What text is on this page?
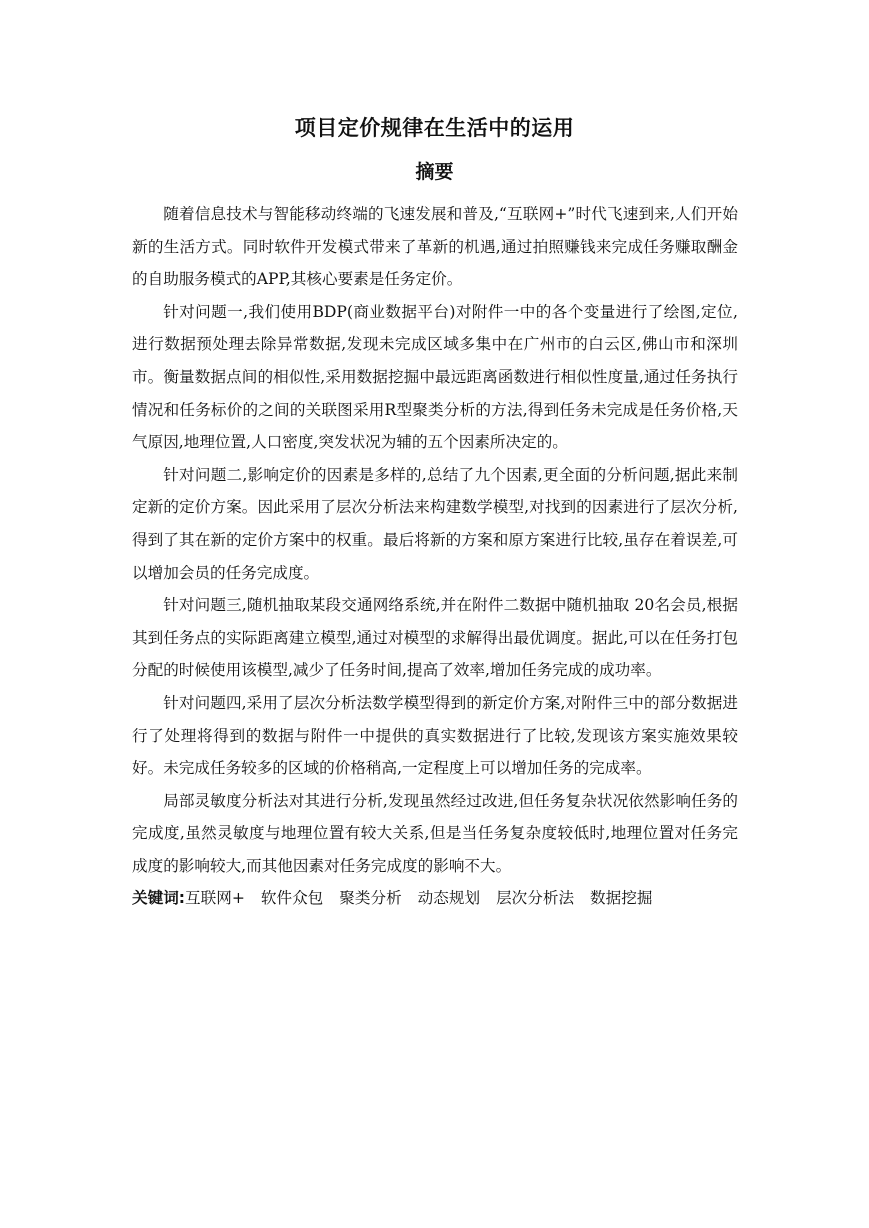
项目定价规律在生活中的运用
摘要

随着信息技术与智能移动终端的飞速发展和普及,“互联网+”时代飞速到来,人们开始新的生活方式。同时软件开发模式带来了革新的机遇,通过拍照赚钱来完成任务赚取酬金的自助服务模式的APP,其核心要素是任务定价。

针对问题一,我们使用BDP(商业数据平台)对附件一中的各个变量进行了绘图,定位,进行数据预处理去除异常数据,发现未完成区域多集中在广州市的白云区,佛山市和深圳市。衡量数据点间的相似性,采用数据挖掘中最远距离函数进行相似性度量,通过任务执行情况和任务标价的之间的关联图采用R型聚类分析的方法,得到任务未完成是任务价格,天气原因,地理位置,人口密度,突发状况为辅的五个因素所决定的。

针对问题二,影响定价的因素是多样的,总结了九个因素,更全面的分析问题,据此来制定新的定价方案。因此采用了层次分析法来构建数学模型,对找到的因素进行了层次分析,得到了其在新的定价方案中的权重。最后将新的方案和原方案进行比较,虽存在着误差,可以增加会员的任务完成度。

针对问题三,随机抽取某段交通网络系统,并在附件二数据中随机抽取 20名会员,根据其到任务点的实际距离建立模型,通过对模型的求解得出最优调度。据此,可以在任务打包分配的时候使用该模型,减少了任务时间,提高了效率,增加任务完成的成功率。

针对问题四,采用了层次分析法数学模型得到的新定价方案,对附件三中的部分数据进行了处理将得到的数据与附件一中提供的真实数据进行了比较,发现该方案实施效果较好。未完成任务较多的区域的价格稍高,一定程度上可以增加任务的完成率。

局部灵敏度分析法对其进行分析,发现虽然经过改进,但任务复杂状况依然影响任务的完成度,虽然灵敏度与地理位置有较大关系,但是当任务复杂度较低时,地理位置对任务完成度的影响较大,而其他因素对任务完成度的影响不大。

关键词:互联网+ 软件众包 聚类分析 动态规划 层次分析法 数据挖掘
